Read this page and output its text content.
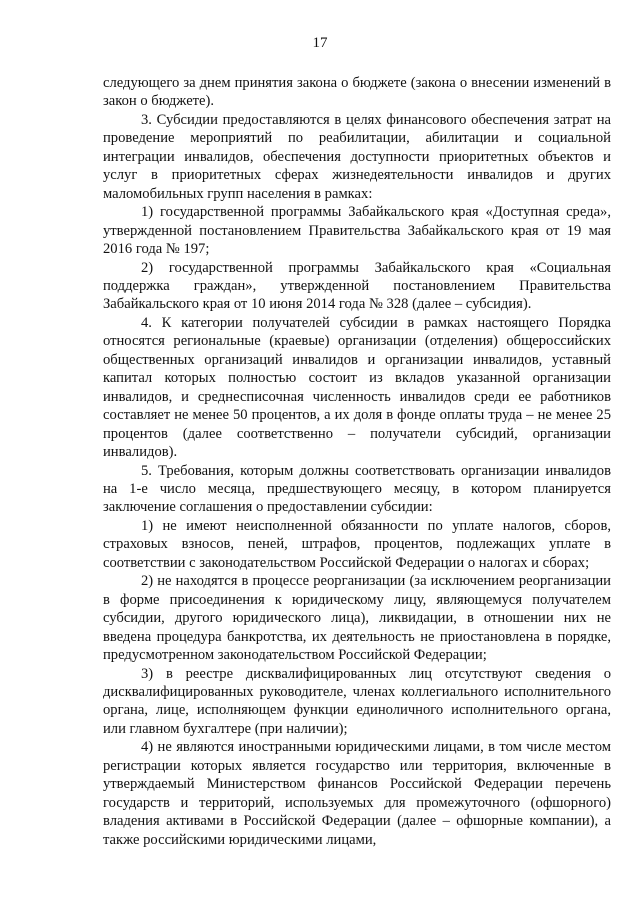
17

следующего за днем принятия закона о бюджете (закона о внесении изменений в закон о бюджете).

3. Субсидии предоставляются в целях финансового обеспечения затрат на проведение мероприятий по реабилитации, абилитации и социальной интеграции инвалидов, обеспечения доступности приоритетных объектов и услуг в приоритетных сферах жизнедеятельности инвалидов и других маломобильных групп населения в рамках:

1) государственной программы Забайкальского края «Доступная среда», утвержденной постановлением Правительства Забайкальского края от 19 мая 2016 года № 197;

2) государственной программы Забайкальского края «Социальная поддержка граждан», утвержденной постановлением Правительства Забайкальского края от 10 июня 2014 года № 328 (далее – субсидия).

4. К категории получателей субсидии в рамках настоящего Порядка относятся региональные (краевые) организации (отделения) общероссийских общественных организаций инвалидов и организации инвалидов, уставный капитал которых полностью состоит из вкладов указанной организации инвалидов, и среднесписочная численность инвалидов среди ее работников составляет не менее 50 процентов, а их доля в фонде оплаты труда – не менее 25 процентов (далее соответственно – получатели субсидий, организации инвалидов).

5. Требования, которым должны соответствовать организации инвалидов на 1-е число месяца, предшествующего месяцу, в котором планируется заключение соглашения о предоставлении субсидии:

1) не имеют неисполненной обязанности по уплате налогов, сборов, страховых взносов, пеней, штрафов, процентов, подлежащих уплате в соответствии с законодательством Российской Федерации о налогах и сборах;

2) не находятся в процессе реорганизации (за исключением реорганизации в форме присоединения к юридическому лицу, являющемуся получателем субсидии, другого юридического лица), ликвидации, в отношении них не введена процедура банкротства, их деятельность не приостановлена в порядке, предусмотренном законодательством Российской Федерации;

3) в реестре дисквалифицированных лиц отсутствуют сведения о дисквалифицированных руководителе, членах коллегиального исполнительного органа, лице, исполняющем функции единоличного исполнительного органа, или главном бухгалтере (при наличии);

4) не являются иностранными юридическими лицами, в том числе местом регистрации которых является государство или территория, включенные в утверждаемый Министерством финансов Российской Федерации перечень государств и территорий, используемых для промежуточного (офшорного) владения активами в Российской Федерации (далее – офшорные компании), а также российскими юридическими лицами,
